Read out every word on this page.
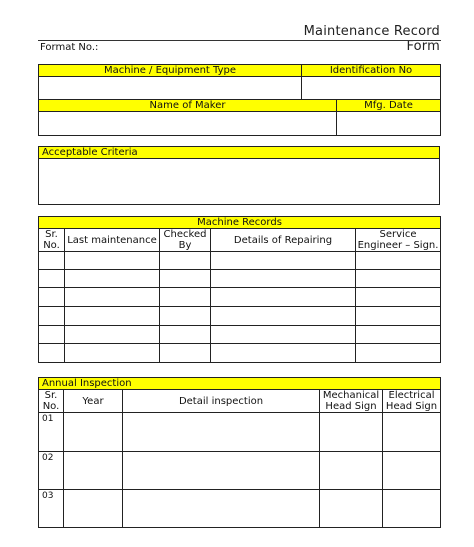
Maintenance Record Form
Format No.:
Machine / Equipment Type	Identification No	

Name of Maker		Mfg. Date

Acceptable Criteria

Machine Records				
Sr. No.	Last maintenance	Checked By	Details of Repairing	Service Engineer – Sign.

Annual Inspection				
Sr. No.	Year	Detail inspection	Mechanical Head Sign	Electrical Head Sign
01				
02				
03				
